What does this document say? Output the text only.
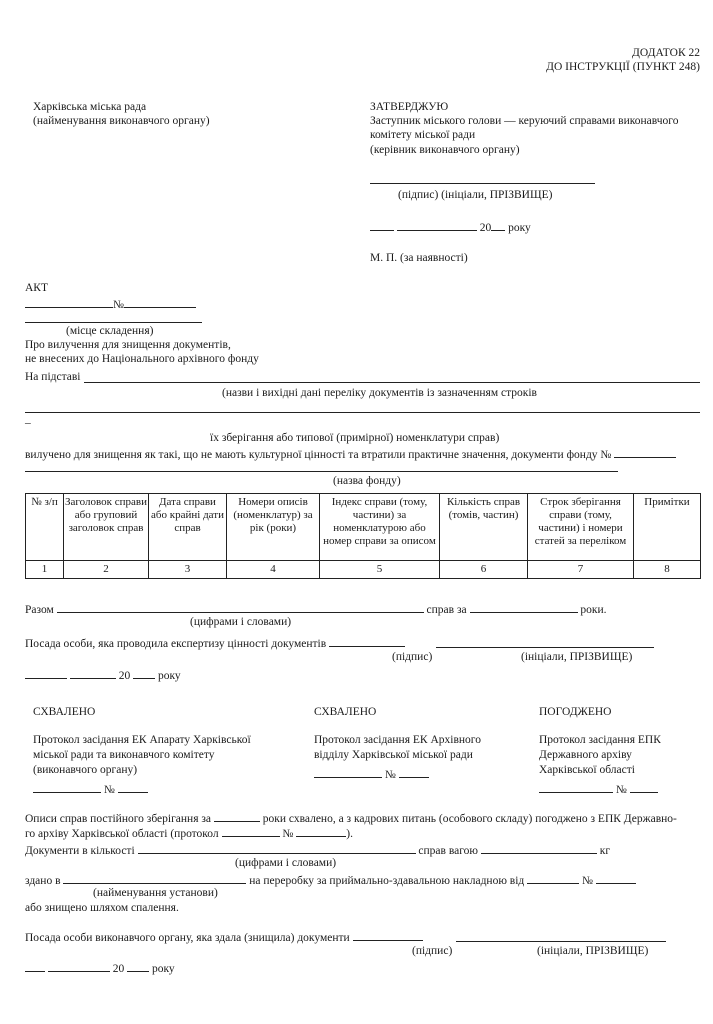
ДОДАТОК 22
ДО ІНСТРУКЦІЇ (ПУНКТ 248)
Харківська міська рада
(найменування виконавчого органу)
ЗАТВЕРДЖУЮ
Заступник міського голови — керуючий справами виконавчого
комітету міської ради
(керівник виконавчого органу)
(підпис) (ініціали, ПРІЗВИЩЕ)
20 року
М. П. (за наявності)
АКТ
№
(місце складення)
Про вилучення для знищення документів,
не внесених до Національного архівного фонду
На підставі
(назви і вихідні дані переліку документів із зазначенням строків
–
їх зберігання або типової (примірної) номенклатури справ)
вилучено для знищення як такі, що не мають культурної цінності та втратили практичне значення, документи фонду №
(назва фонду)
№ з/п	Заголовок справи або груповий заголовок справ	Дата справи або крайні дати справ	Номери описів (номенклатур) за рік (роки)	Індекс справи (тому, частини) за номенклатурою або номер справи за описом	Кількість справ (томів, частин)	Строк зберігання справи (тому, частини) і номери статей за переліком	Примітки
1	2	3	4	5	6	7	8
Разом	справ за	роки.
(цифрами і словами)
Посада особи, яка проводила експертизу цінності документів
(підпис)	(ініціали, ПРІЗВИЩЕ)
20 року
СХВАЛЕНО
Протокол засідання ЕК Апарату Харківської
міської ради та виконавчого комітету
(виконавчого органу)
№
СХВАЛЕНО
Протокол засідання ЕК Архівного
відділу Харківської міської ради
№
ПОГОДЖЕНО
Протокол засідання ЕПК
Державного архіву
Харківської області
№
Описи справ постійного зберігання за	роки схвалено, а з кадрових питань (особового складу) погоджено з ЕПК Державно-
го архіву Харківської області (протокол	№	).
Документи в кількості	справ вагою	кг
(цифрами і словами)
здано в	на переробку за приймально-здавальною накладною від	№
(найменування установи)
або знищено шляхом спалення.
Посада особи виконавчого органу, яка здала (знищила) документи
(підпис)	(ініціали, ПРІЗВИЩЕ)
20 року
